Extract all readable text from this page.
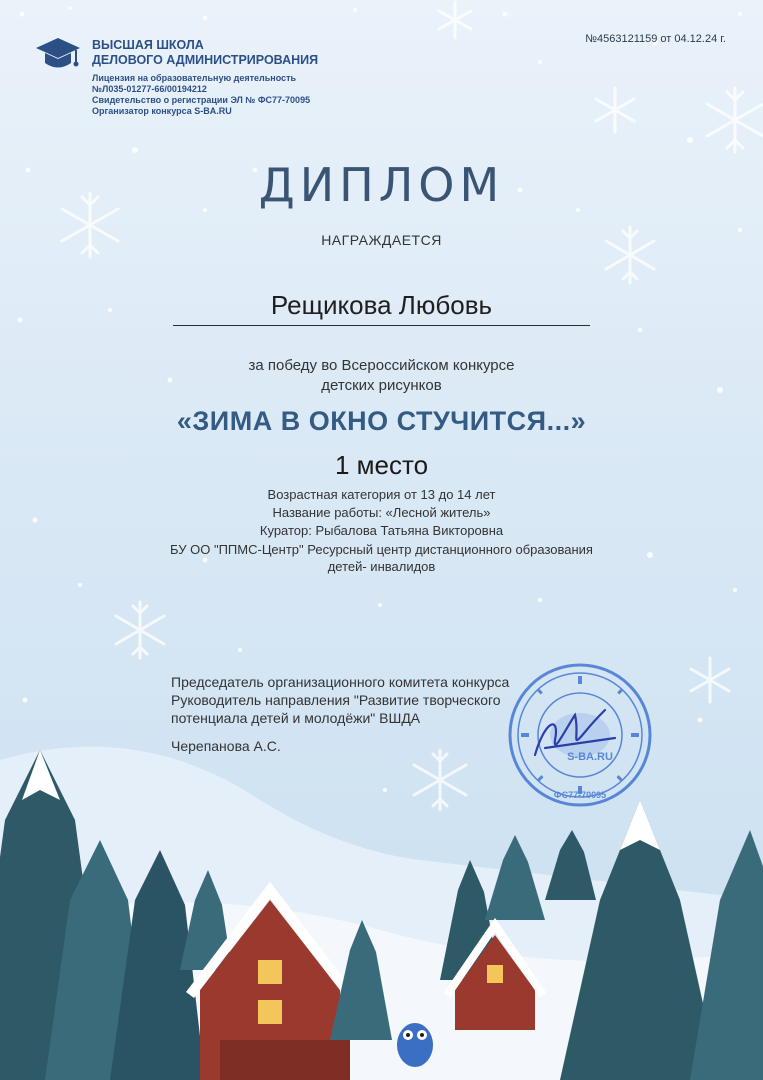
ВЫСШАЯ ШКОЛА
ДЕЛОВОГО АДМИНИСТРИРОВАНИЯ
Лицензия на образовательную деятельность
№Л035-01277-66/00194212
Свидетельство о регистрации ЭЛ № ФС77-70095
Организатор конкурса S-BA.RU
№4563121159 от 04.12.24 г.
ДИПЛОМ
НАГРАЖДАЕТСЯ
Рещикова Любовь
за победу во Всероссийском конкурсе
детских рисунков
«ЗИМА В ОКНО СТУЧИТСЯ...»
1 место
Возрастная категория от 13 до 14 лет
Название работы: «Лесной житель»
Куратор: Рыбалова Татьяна Викторовна
БУ ОО "ППМС-Центр" Ресурсный центр дистанционного образования
детей- инвалидов
Председатель организационного комитета конкурса
Руководитель направления "Развитие творческого
потенциала детей и молодёжи" ВШДА
Черепанова А.С.
S-BA.RU
ФС77-70095
